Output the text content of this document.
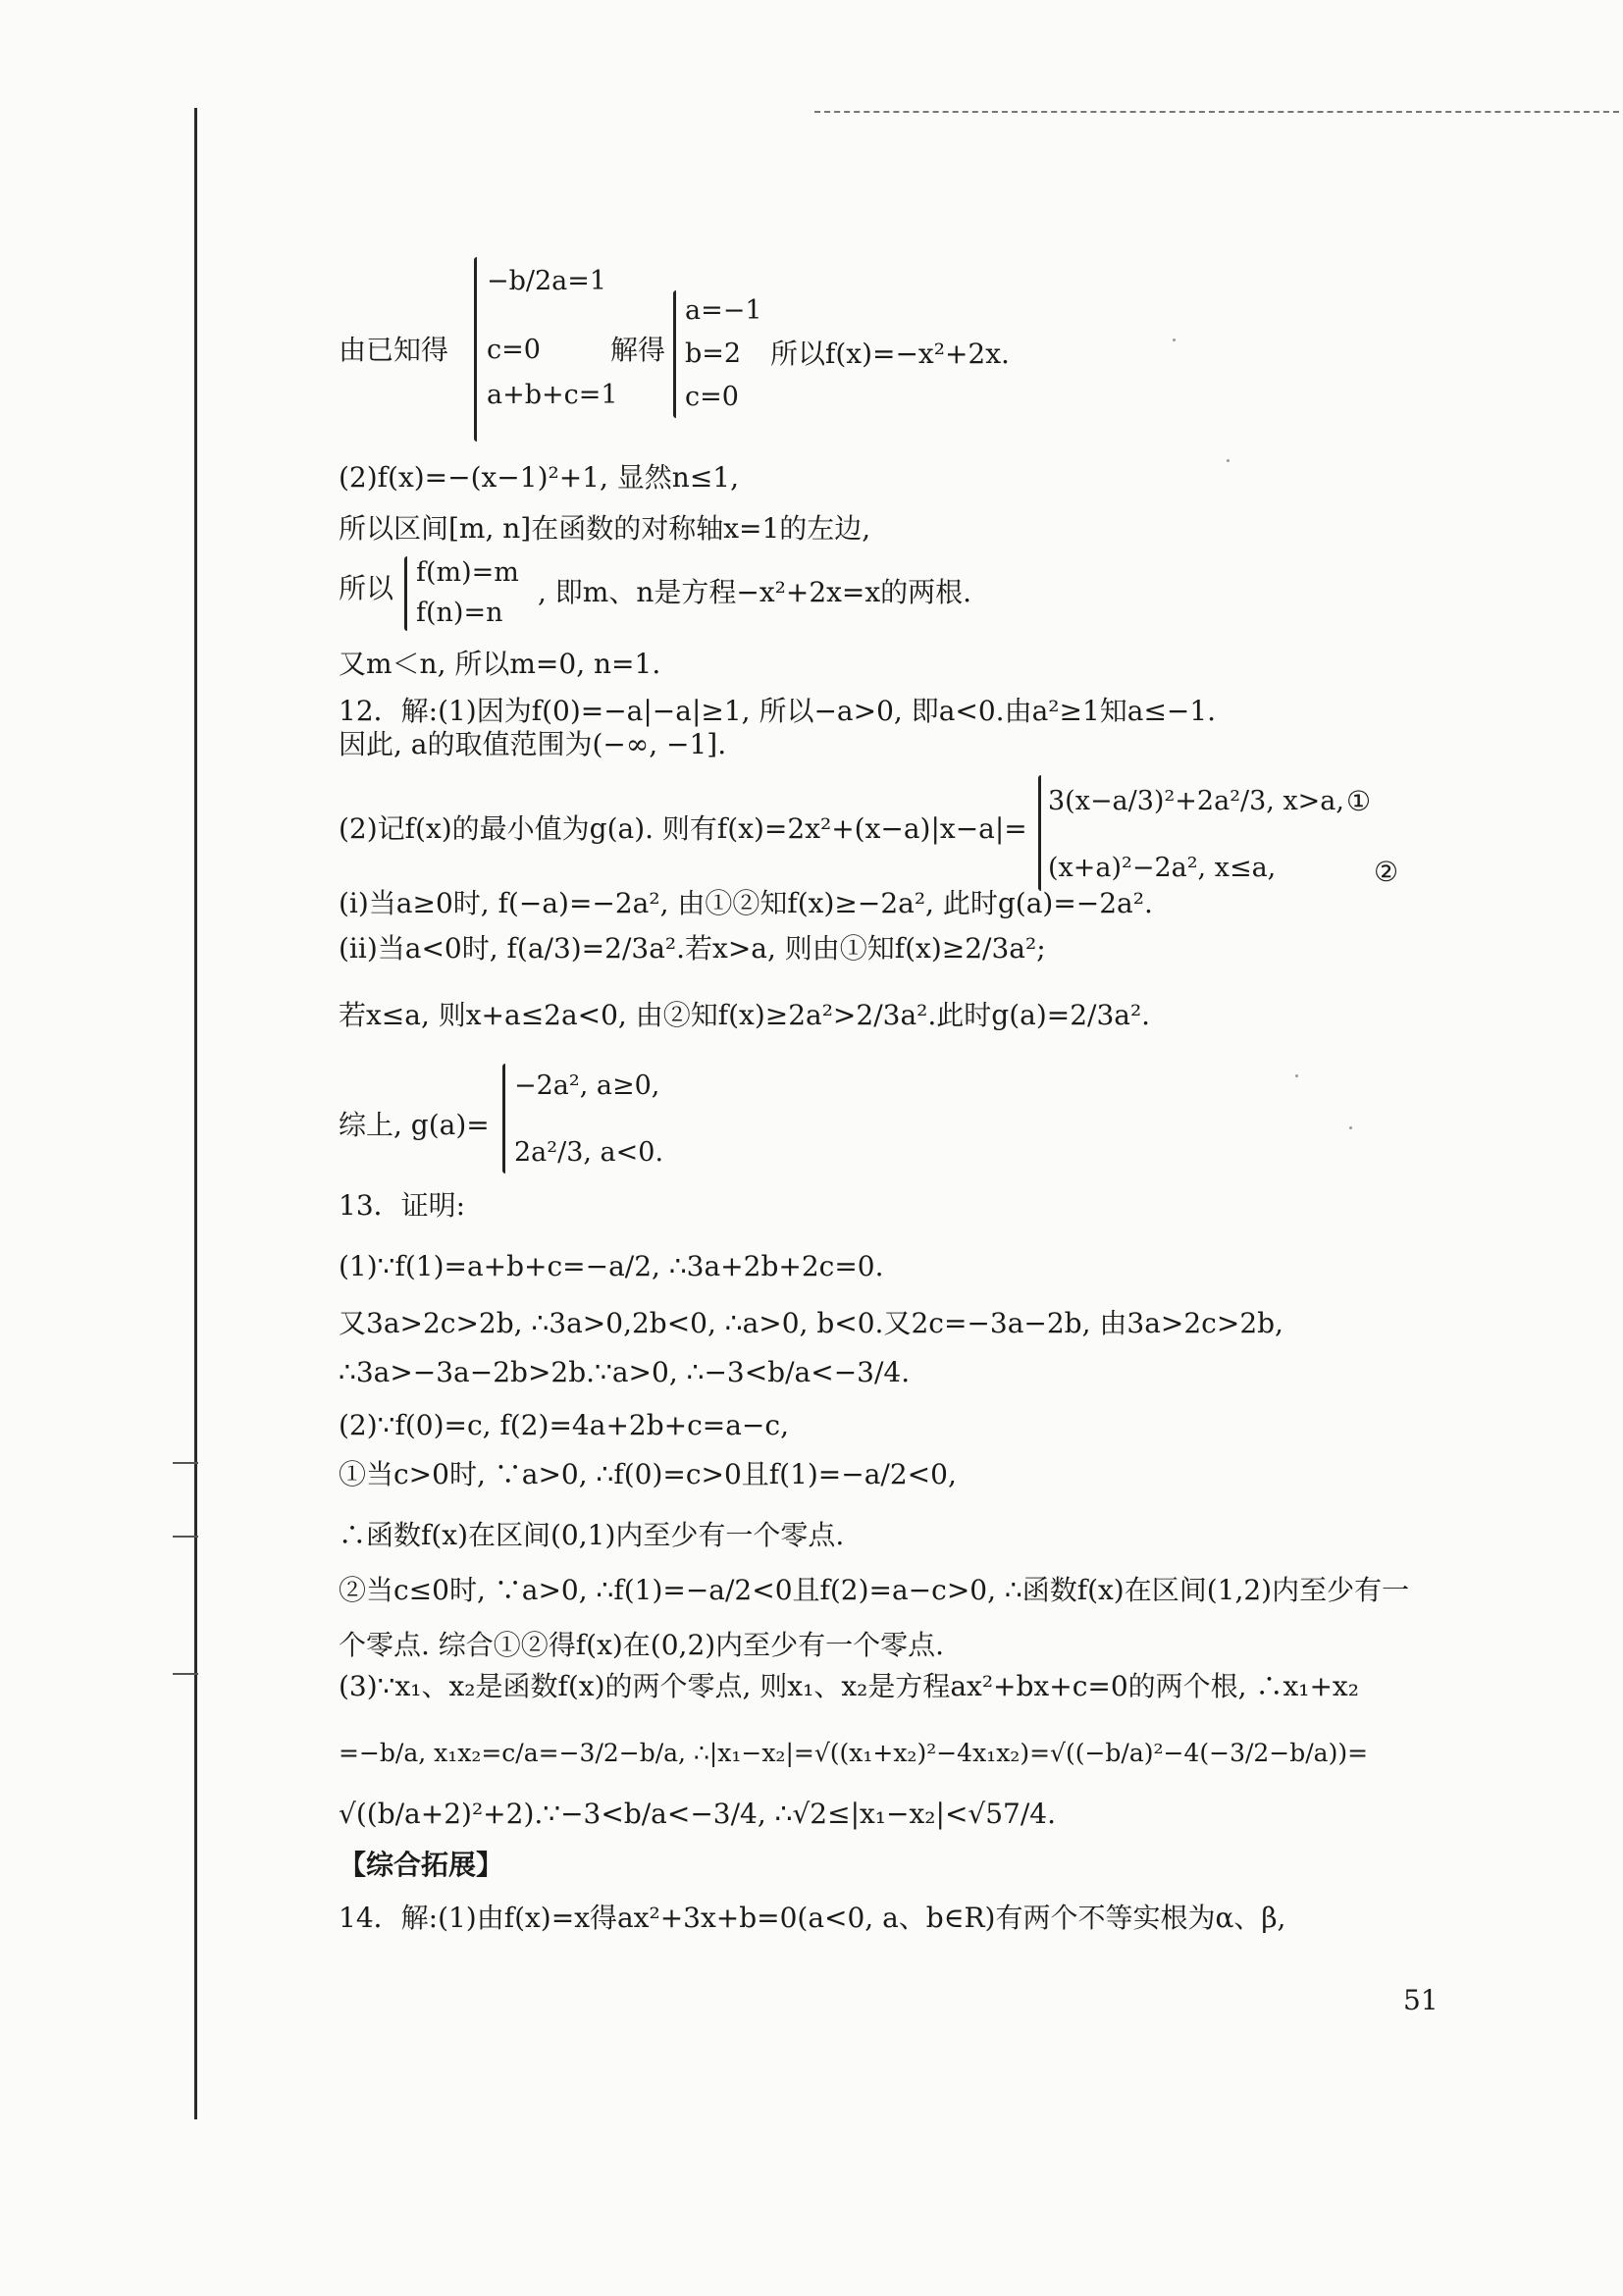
由已知得
−b/2a=1
c=0
a+b+c=1
解得
a=−1
b=2
c=0
所以f(x)=−x²+2x.
(2)f(x)=−(x−1)²+1, 显然n≤1,
所以区间[m, n]在函数的对称轴x=1的左边,
所以 f(m)=m
f(n)=n
, 即m、n是方程−x²+2x=x的两根.
又m＜n, 所以m=0, n=1.
12．解:(1)因为f(0)=−a|−a|≥1, 所以−a>0, 即a<0.由a²≥1知a≤−1.
因此, a的取值范围为(−∞, −1].
(2)记f(x)的最小值为g(a). 则有f(x)=2x²+(x−a)|x−a|=
3(x−a/3)²+2a²/3, x>a,
(x+a)²−2a², x≤a,
①
②
(ⅰ)当a≥0时, f(−a)=−2a², 由①②知f(x)≥−2a², 此时g(a)=−2a².
(ⅱ)当a<0时, f(a/3)=2/3a².若x>a, 则由①知f(x)≥2/3a²;
若x≤a, 则x+a≤2a<0, 由②知f(x)≥2a²>2/3a².此时g(a)=2/3a².
综上, g(a)=
−2a², a≥0,
2a²/3, a<0.
13．证明:
(1)∵f(1)=a+b+c=−a/2, ∴3a+2b+2c=0.
又3a>2c>2b, ∴3a>0,2b<0, ∴a>0, b<0.又2c=−3a−2b, 由3a>2c>2b,
∴3a>−3a−2b>2b.∵a>0, ∴−3<b/a<−3/4.
(2)∵f(0)=c, f(2)=4a+2b+c=a−c,
①当c>0时, ∵a>0, ∴f(0)=c>0且f(1)=−a/2<0,
∴函数f(x)在区间(0,1)内至少有一个零点.
②当c≤0时, ∵a>0, ∴f(1)=−a/2<0且f(2)=a−c>0, ∴函数f(x)在区间(1,2)内至少有一
个零点. 综合①②得f(x)在(0,2)内至少有一个零点.
(3)∵x₁、x₂是函数f(x)的两个零点, 则x₁、x₂是方程ax²+bx+c=0的两个根, ∴x₁+x₂
=−b/a, x₁x₂=c/a=−3/2−b/a, ∴|x₁−x₂|=√((x₁+x₂)²−4x₁x₂)=√((−b/a)²−4(−3/2−b/a))=
√((b/a+2)²+2).∵−3<b/a<−3/4, ∴√2≤|x₁−x₂|<√57/4.
【综合拓展】
14．解:(1)由f(x)=x得ax²+3x+b=0(a<0, a、b∈R)有两个不等实根为α、β,
51
